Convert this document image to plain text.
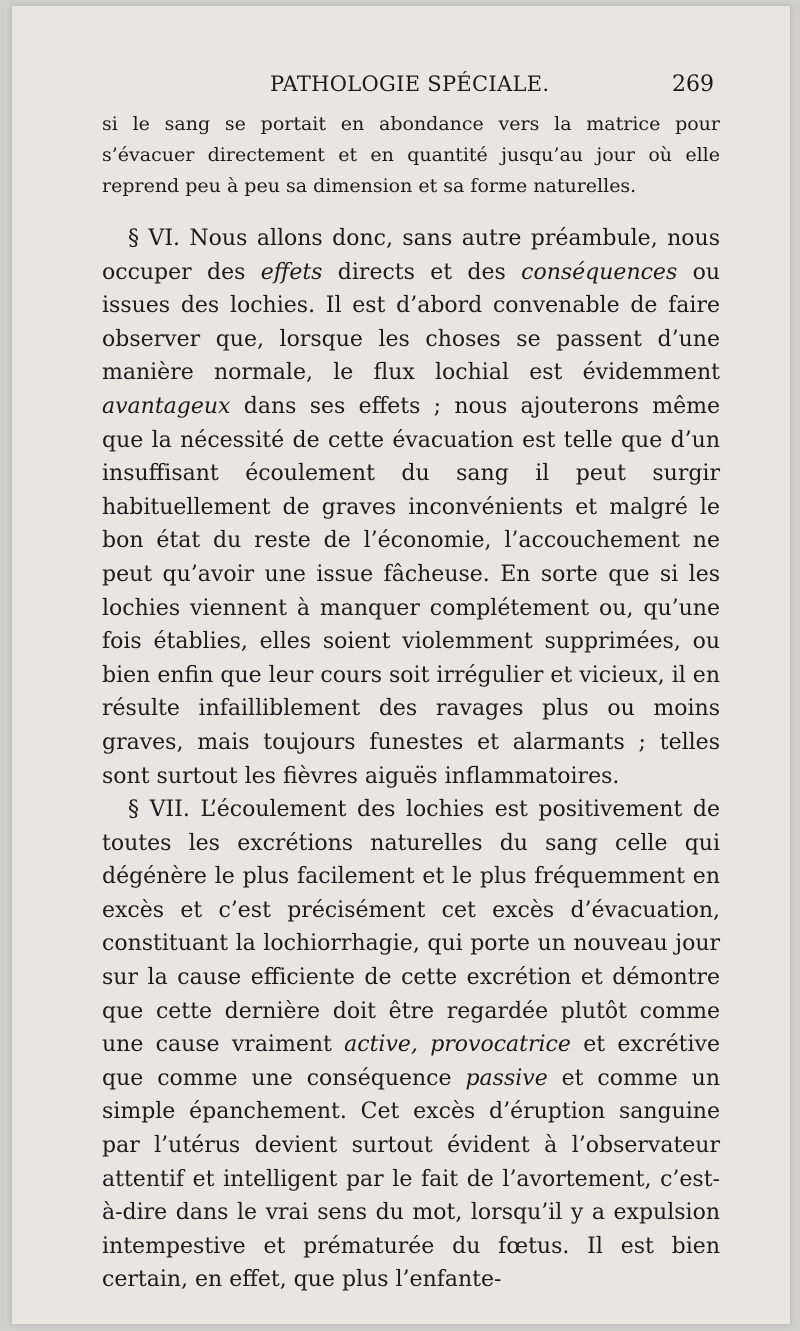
PATHOLOGIE SPÉCIALE.	269

si le sang se portait en abondance vers la matrice pour s’évacuer directement et en quantité jusqu’au jour où elle reprend peu à peu sa dimension et sa forme naturelles.

§ VI. Nous allons donc, sans autre préambule, nous occuper des effets directs et des conséquences ou issues des lochies. Il est d’abord convenable de faire observer que, lorsque les choses se passent d’une manière normale, le flux lochial est évidemment avantageux dans ses effets ; nous ajouterons même que la nécessité de cette évacuation est telle que d’un insuffisant écoulement du sang il peut surgir habituellement de graves inconvénients et malgré le bon état du reste de l’économie, l’accouchement ne peut qu’avoir une issue fâcheuse. En sorte que si les lochies viennent à manquer complétement ou, qu’une fois établies, elles soient violemment supprimées, ou bien enfin que leur cours soit irrégulier et vicieux, il en résulte infailliblement des ravages plus ou moins graves, mais toujours funestes et alarmants ; telles sont surtout les fièvres aiguës inflammatoires.

§ VII. L’écoulement des lochies est positivement de toutes les excrétions naturelles du sang celle qui dégénère le plus facilement et le plus fréquemment en excès et c’est précisément cet excès d’évacuation, constituant la lochiorrhagie, qui porte un nouveau jour sur la cause efficiente de cette excrétion et démontre que cette dernière doit être regardée plutôt comme une cause vraiment active, provocatrice et excrétive que comme une conséquence passive et comme un simple épanchement. Cet excès d’éruption sanguine par l’utérus devient surtout évident à l’observateur attentif et intelligent par le fait de l’avortement, c’est-à-dire dans le vrai sens du mot, lorsqu’il y a expulsion intempestive et prématurée du fœtus. Il est bien certain, en effet, que plus l’enfante-
